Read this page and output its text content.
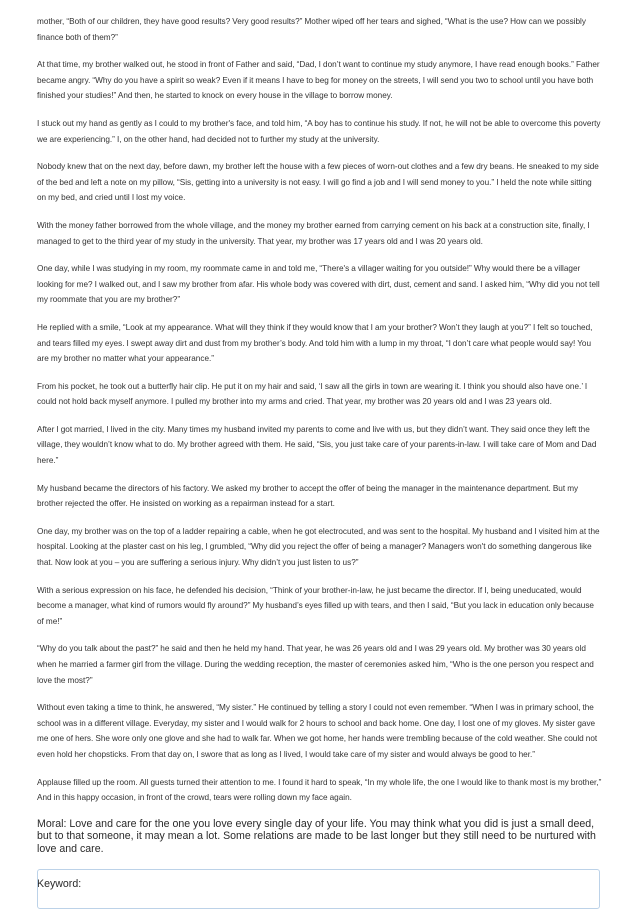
mother, “Both of our children, they have good results? Very good results?” Mother wiped off her tears and sighed, “What is the use? How can we possibly finance both of them?”

At that time, my brother walked out, he stood in front of Father and said, “Dad, I don’t want to continue my study anymore, I have read enough books.” Father became angry. “Why do you have a spirit so weak? Even if it means I have to beg for money on the streets, I will send you two to school until you have both finished your studies!” And then, he started to knock on every house in the village to borrow money.

I stuck out my hand as gently as I could to my brother's face, and told him, “A boy has to continue his study. If not, he will not be able to overcome this poverty we are experiencing.” I, on the other hand, had decided not to further my study at the university.

Nobody knew that on the next day, before dawn, my brother left the house with a few pieces of worn-out clothes and a few dry beans. He sneaked to my side of the bed and left a note on my pillow, “Sis, getting into a university is not easy. I will go find a job and I will send money to you.” I held the note while sitting on my bed, and cried until I lost my voice.

With the money father borrowed from the whole village, and the money my brother earned from carrying cement on his back at a construction site, finally, I managed to get to the third year of my study in the university. That year, my brother was 17 years old and I was 20 years old.

One day, while I was studying in my room, my roommate came in and told me, “There's a villager waiting for you outside!” Why would there be a villager looking for me? I walked out, and I saw my brother from afar. His whole body was covered with dirt, dust, cement and sand. I asked him, “Why did you not tell my roommate that you are my brother?”

He replied with a smile, “Look at my appearance. What will they think if they would know that I am your brother? Won’t they laugh at you?” I felt so touched, and tears filled my eyes. I swept away dirt and dust from my brother’s body. And told him with a lump in my throat, “I don’t care what people would say! You are my brother no matter what your appearance.”

From his pocket, he took out a butterfly hair clip. He put it on my hair and said, ‘I saw all the girls in town are wearing it. I think you should also have one.’ I could not hold back myself anymore. I pulled my brother into my arms and cried. That year, my brother was 20 years old and I was 23 years old.

After I got married, I lived in the city. Many times my husband invited my parents to come and live with us, but they didn’t want. They said once they left the village, they wouldn’t know what to do. My brother agreed with them. He said, “Sis, you just take care of your parents-in-law. I will take care of Mom and Dad here.”

My husband became the directors of his factory. We asked my brother to accept the offer of being the manager in the maintenance department. But my brother rejected the offer. He insisted on working as a repairman instead for a start.

One day, my brother was on the top of a ladder repairing a cable, when he got electrocuted, and was sent to the hospital. My husband and I visited him at the hospital. Looking at the plaster cast on his leg, I grumbled, “Why did you reject the offer of being a manager? Managers won't do something dangerous like that. Now look at you – you are suffering a serious injury. Why didn’t you just listen to us?”

With a serious expression on his face, he defended his decision, “Think of your brother-in-law, he just became the director. If I, being uneducated, would become a manager, what kind of rumors would fly around?” My husband’s eyes filled up with tears, and then I said, “But you lack in education only because of me!”

“Why do you talk about the past?” he said and then he held my hand. That year, he was 26 years old and I was 29 years old. My brother was 30 years old when he married a farmer girl from the village. During the wedding reception, the master of ceremonies asked him, “Who is the one person you respect and love the most?”

Without even taking a time to think, he answered, “My sister.” He continued by telling a story I could not even remember. “When I was in primary school, the school was in a different village. Everyday, my sister and I would walk for 2 hours to school and back home. One day, I lost one of my gloves. My sister gave me one of hers. She wore only one glove and she had to walk far. When we got home, her hands were trembling because of the cold weather. She could not even hold her chopsticks. From that day on, I swore that as long as I lived, I would take care of my sister and would always be good to her.”

Applause filled up the room. All guests turned their attention to me. I found it hard to speak, “In my whole life, the one I would like to thank most is my brother,” And in this happy occasion, in front of the crowd, tears were rolling down my face again.

Moral: Love and care for the one you love every single day of your life. You may think what you did is just a small deed, but to that someone, it may mean a lot. Some relations are made to be last longer but they still need to be nurtured with love and care.

Keyword:
